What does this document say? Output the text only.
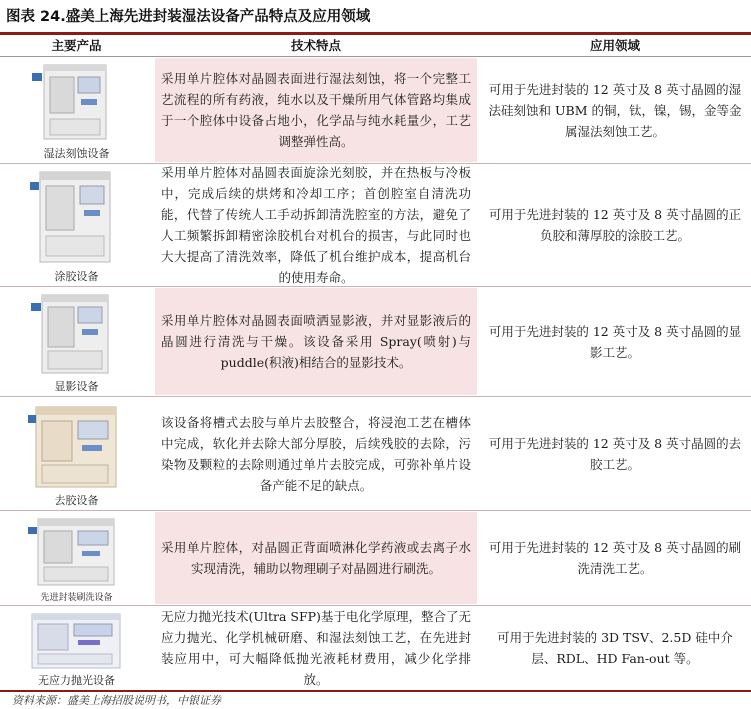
图表 24.盛美上海先进封装湿法设备产品特点及应用领域
主要产品	技术特点	应用领域
湿法刻蚀设备

采用单片腔体对晶圆表面进行湿法刻蚀，将一个完整工艺流程的所有药液，纯水以及干燥所用气体管路均集成于一个腔体中设备占地小，化学品与纯水耗量少，工艺调整弹性高。

可用于先进封装的 12 英寸及 8 英寸晶圆的湿法硅刻蚀和 UBM 的铜，钛，镍，锡，金等金属湿法刻蚀工艺。

涂胶设备

采用单片腔体对晶圆表面旋涂光刻胶，并在热板与冷板中，完成后续的烘烤和冷却工序；首创腔室自清洗功能，代替了传统人工手动拆卸清洗腔室的方法，避免了人工频繁拆卸精密涂胶机台对机台的损害，与此同时也大大提高了清洗效率，降低了机台维护成本，提高机台的使用寿命。

可用于先进封装的 12 英寸及 8 英寸晶圆的正负胶和薄厚胶的涂胶工艺。

显影设备

采用单片腔体对晶圆表面喷洒显影液，并对显影液后的晶圆进行清洗与干燥。该设备采用 Spray(喷射)与 puddle(积液)相结合的显影技术。

可用于先进封装的 12 英寸及 8 英寸晶圆的显影工艺。

去胶设备

该设备将槽式去胶与单片去胶整合，将浸泡工艺在槽体中完成，软化并去除大部分厚胶，后续残胶的去除，污染物及颗粒的去除则通过单片去胶完成，可弥补单片设备产能不足的缺点。

可用于先进封装的 12 英寸及 8 英寸晶圆的去胶工艺。

先进封装刷洗设备

采用单片腔体，对晶圆正背面喷淋化学药液或去离子水实现清洗，辅助以物理刷子对晶圆进行刷洗。

可用于先进封装的 12 英寸及 8 英寸晶圆的刷洗清洗工艺。

无应力抛光设备

无应力抛光技术(Ultra SFP)基于电化学原理，整合了无应力抛光、化学机械研磨、和湿法刻蚀工艺，在先进封装应用中，可大幅降低抛光液耗材费用，减少化学排放。

可用于先进封装的 3D TSV、2.5D 硅中介层、RDL、HD Fan-out 等。

资料来源：盛美上海招股说明书，中银证券
